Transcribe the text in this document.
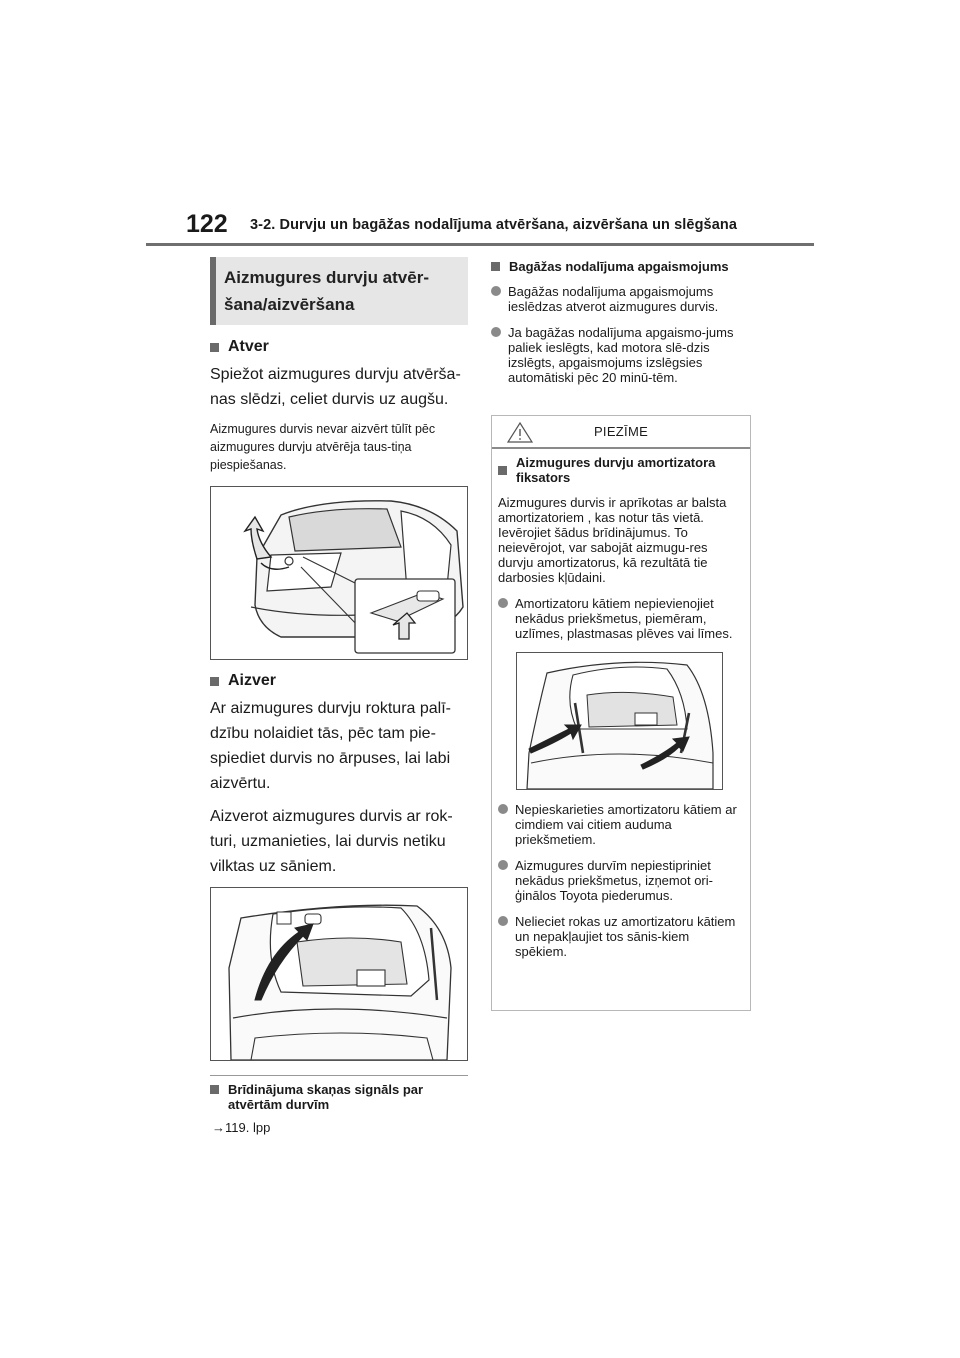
122 3-2. Durvju un bagāžas nodalījuma atvēršana, aizvēršana un slēgšana
Aizmugures durvju atvēr-
šana/aizvēršana
Atver

Spiežot aizmugures durvju atvērša-nas slēdzi, celiet durvis uz augšu.

Aizmugures durvis nevar aizvērt tūlīt pēc aizmugures durvju atvērēja taus-tiņa piespiešanas.

Aizver

Ar aizmugures durvju roktura palī-dzību nolaidiet tās, pēc tam pie-spiediet durvis no ārpuses, lai labi aizvērtu.

Aizverot aizmugures durvis ar rok-turi, uzmanieties, lai durvis netiku vilktas uz sāniem.

Brīdinājuma skaņas signāls par atvērtām durvīm
→119. lpp
Bagāžas nodalījuma apgaismojums
Bagāžas nodalījuma apgaismojums ieslēdzas atverot aizmugures durvis.
Ja bagāžas nodalījuma apgaismo-jums paliek ieslēgts, kad motora slē-dzis izslēgts, apgaismojums izslēgsies automātiski pēc 20 minū-tēm.
PIEZĪME
Aizmugures durvju amortizatora fiksators

Aizmugures durvis ir aprīkotas ar balsta amortizatoriem , kas notur tās vietā. Ievērojiet šādus brīdinājumus. To neievērojot, var sabojāt aizmugu-res durvju amortizatorus, kā rezultātā tie darbosies kļūdaini.

Amortizatoru kātiem nepievienojiet nekādus priekšmetus, piemēram, uzlīmes, plastmasas plēves vai līmes.
Nepieskarieties amortizatoru kātiem ar cimdiem vai citiem auduma priekšmetiem.
Aizmugures durvīm nepiestipriniet nekādus priekšmetus, izņemot ori-ģinālos Toyota piederumus.
Nelieciet rokas uz amortizatoru kātiem un nepakļaujiet tos sānis-kiem spēkiem.
